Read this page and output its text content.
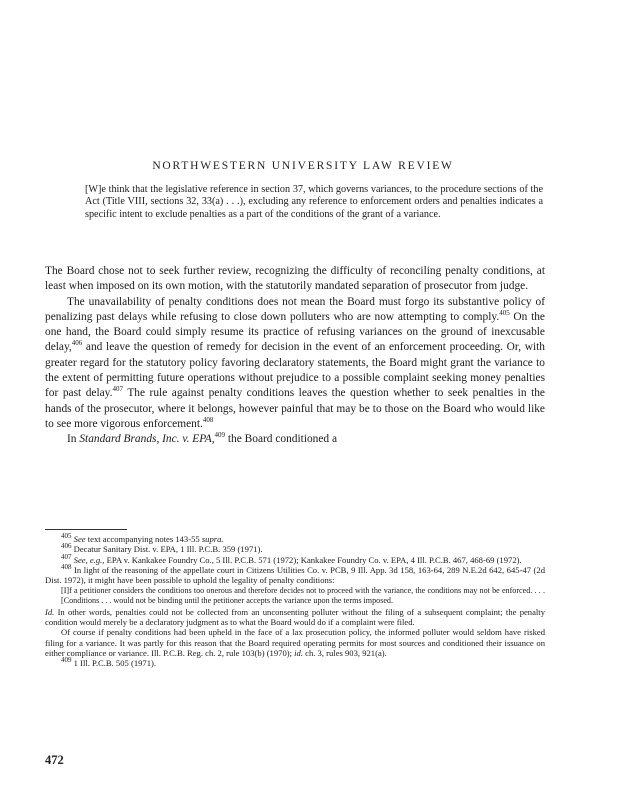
NORTHWESTERN UNIVERSITY LAW REVIEW
[W]e think that the legislative reference in section 37, which governs variances, to the procedure sections of the Act (Title VIII, sections 32, 33(a) . . .), excluding any reference to enforcement orders and penalties indicates a specific intent to exclude penalties as a part of the conditions of the grant of a variance.

The Board chose not to seek further review, recognizing the difficulty of reconciling penalty conditions, at least when imposed on its own motion, with the statutorily mandated separation of prosecutor from judge.

The unavailability of penalty conditions does not mean the Board must forgo its substantive policy of penalizing past delays while refusing to close down polluters who are now attempting to comply.$^{405}$ On the one hand, the Board could simply resume its practice of refusing variances on the ground of inexcusable delay,$^{406}$ and leave the question of remedy for decision in the event of an enforcement proceeding. Or, with greater regard for the statutory policy favoring declaratory statements, the Board might grant the variance to the extent of permitting future operations without prejudice to a possible complaint seeking money penalties for past delay.$^{407}$ The rule against penalty conditions leaves the question whether to seek penalties in the hands of the prosecutor, where it belongs, however painful that may be to those on the Board who would like to see more vigorous enforcement.$^{408}$

In Standard Brands, Inc. v. EPA,$^{409}$ the Board conditioned a

$^{405}$ See text accompanying notes 143-55 supra.

$^{406}$ Decatur Sanitary Dist. v. EPA, 1 Ill. P.C.B. 359 (1971).

$^{407}$ See, e.g., EPA v. Kankakee Foundry Co., 5 Ill. P.C.B. 571 (1972); Kankakee Foundry Co. v. EPA, 4 Ill. P.C.B. 467, 468-69 (1972).

$^{408}$ In light of the reasoning of the appellate court in Citizens Utilities Co. v. PCB, 9 Ill. App. 3d 158, 163-64, 289 N.E.2d 642, 645-47 (2d Dist. 1972), it might have been possible to uphold the legality of penalty conditions:

[I]f a petitioner considers the conditions too onerous and therefore decides not to proceed with the variance, the conditions may not be enforced. . . . [Conditions . . . would not be binding until the petitioner accepts the variance upon the terms imposed.

Id. In other words, penalties could not be collected from an unconsenting polluter without the filing of a subsequent complaint; the penalty condition would merely be a declaratory judgment as to what the Board would do if a complaint were filed.

Of course if penalty conditions had been upheld in the face of a lax prosecution policy, the informed polluter would seldom have risked filing for a variance. It was partly for this reason that the Board required operating permits for most sources and conditioned their issuance on either compliance or variance. Ill. P.C.B. Reg. ch. 2, rule 103(b) (1970); id. ch. 3, rules 903, 921(a).

$^{409}$ 1 Ill. P.C.B. 505 (1971).

472
